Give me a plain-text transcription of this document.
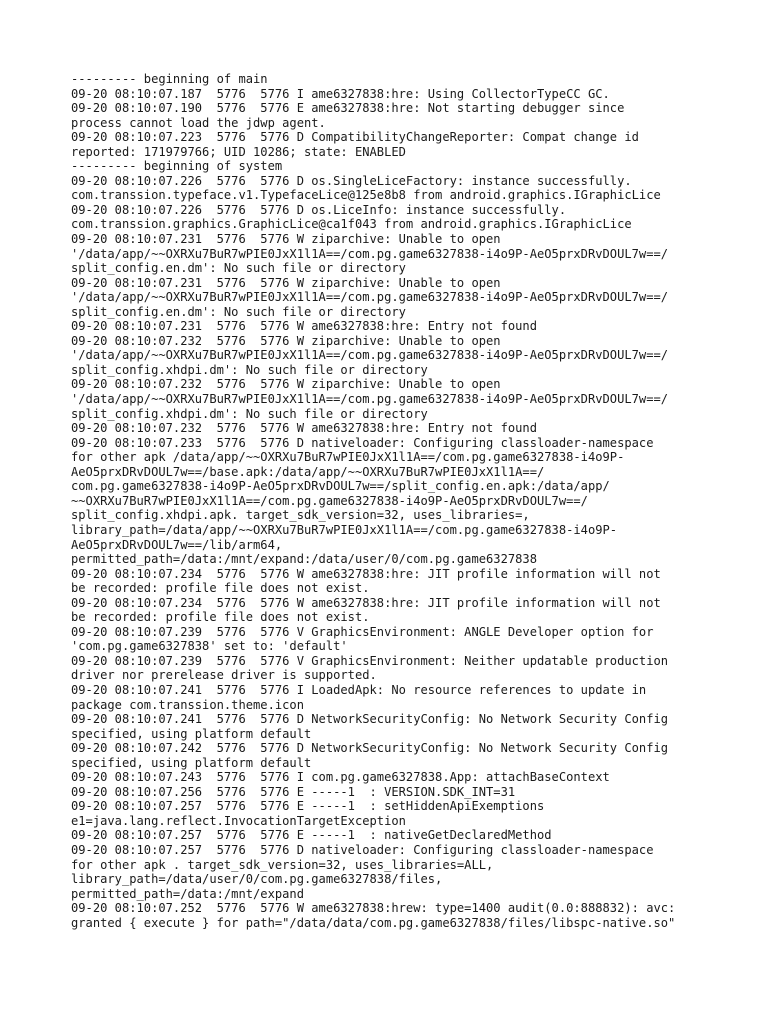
--------- beginning of main
09-20 08:10:07.187  5776  5776 I ame6327838:hre: Using CollectorTypeCC GC.
09-20 08:10:07.190  5776  5776 E ame6327838:hre: Not starting debugger since
process cannot load the jdwp agent.
09-20 08:10:07.223  5776  5776 D CompatibilityChangeReporter: Compat change id
reported: 171979766; UID 10286; state: ENABLED
--------- beginning of system
09-20 08:10:07.226  5776  5776 D os.SingleLiceFactory: instance successfully.
com.transsion.typeface.v1.TypefaceLice@125e8b8 from android.graphics.IGraphicLice
09-20 08:10:07.226  5776  5776 D os.LiceInfo: instance successfully.
com.transsion.graphics.GraphicLice@ca1f043 from android.graphics.IGraphicLice
09-20 08:10:07.231  5776  5776 W ziparchive: Unable to open
'/data/app/~~OXRXu7BuR7wPIE0JxX1l1A==/com.pg.game6327838-i4o9P-AeO5prxDRvDOUL7w==/
split_config.en.dm': No such file or directory
09-20 08:10:07.231  5776  5776 W ziparchive: Unable to open
'/data/app/~~OXRXu7BuR7wPIE0JxX1l1A==/com.pg.game6327838-i4o9P-AeO5prxDRvDOUL7w==/
split_config.en.dm': No such file or directory
09-20 08:10:07.231  5776  5776 W ame6327838:hre: Entry not found
09-20 08:10:07.232  5776  5776 W ziparchive: Unable to open
'/data/app/~~OXRXu7BuR7wPIE0JxX1l1A==/com.pg.game6327838-i4o9P-AeO5prxDRvDOUL7w==/
split_config.xhdpi.dm': No such file or directory
09-20 08:10:07.232  5776  5776 W ziparchive: Unable to open
'/data/app/~~OXRXu7BuR7wPIE0JxX1l1A==/com.pg.game6327838-i4o9P-AeO5prxDRvDOUL7w==/
split_config.xhdpi.dm': No such file or directory
09-20 08:10:07.232  5776  5776 W ame6327838:hre: Entry not found
09-20 08:10:07.233  5776  5776 D nativeloader: Configuring classloader-namespace
for other apk /data/app/~~OXRXu7BuR7wPIE0JxX1l1A==/com.pg.game6327838-i4o9P-
AeO5prxDRvDOUL7w==/base.apk:/data/app/~~OXRXu7BuR7wPIE0JxX1l1A==/
com.pg.game6327838-i4o9P-AeO5prxDRvDOUL7w==/split_config.en.apk:/data/app/
~~OXRXu7BuR7wPIE0JxX1l1A==/com.pg.game6327838-i4o9P-AeO5prxDRvDOUL7w==/
split_config.xhdpi.apk. target_sdk_version=32, uses_libraries=,
library_path=/data/app/~~OXRXu7BuR7wPIE0JxX1l1A==/com.pg.game6327838-i4o9P-
AeO5prxDRvDOUL7w==/lib/arm64,
permitted_path=/data:/mnt/expand:/data/user/0/com.pg.game6327838
09-20 08:10:07.234  5776  5776 W ame6327838:hre: JIT profile information will not
be recorded: profile file does not exist.
09-20 08:10:07.234  5776  5776 W ame6327838:hre: JIT profile information will not
be recorded: profile file does not exist.
09-20 08:10:07.239  5776  5776 V GraphicsEnvironment: ANGLE Developer option for
'com.pg.game6327838' set to: 'default'
09-20 08:10:07.239  5776  5776 V GraphicsEnvironment: Neither updatable production
driver nor prerelease driver is supported.
09-20 08:10:07.241  5776  5776 I LoadedApk: No resource references to update in
package com.transsion.theme.icon
09-20 08:10:07.241  5776  5776 D NetworkSecurityConfig: No Network Security Config
specified, using platform default
09-20 08:10:07.242  5776  5776 D NetworkSecurityConfig: No Network Security Config
specified, using platform default
09-20 08:10:07.243  5776  5776 I com.pg.game6327838.App: attachBaseContext
09-20 08:10:07.256  5776  5776 E -----1  : VERSION.SDK_INT=31
09-20 08:10:07.257  5776  5776 E -----1  : setHiddenApiExemptions
e1=java.lang.reflect.InvocationTargetException
09-20 08:10:07.257  5776  5776 E -----1  : nativeGetDeclaredMethod
09-20 08:10:07.257  5776  5776 D nativeloader: Configuring classloader-namespace
for other apk . target_sdk_version=32, uses_libraries=ALL,
library_path=/data/user/0/com.pg.game6327838/files,
permitted_path=/data:/mnt/expand
09-20 08:10:07.252  5776  5776 W ame6327838:hrew: type=1400 audit(0.0:888832): avc:
granted { execute } for path="/data/data/com.pg.game6327838/files/libspc-native.so"
